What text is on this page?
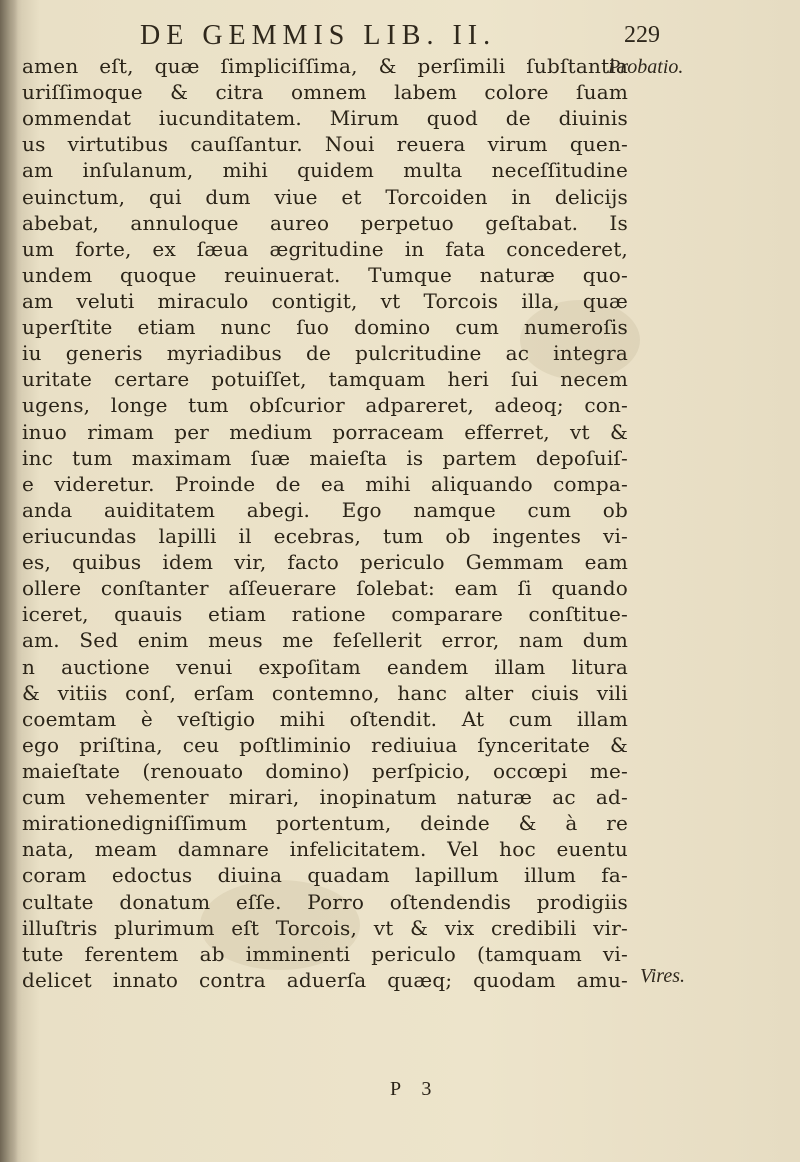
DE GEMMIS LIB. II.	229
amen eſt, quæ ſimpliciſſima, & perſimili ſubſtantia
uriſſimoque & citra omnem labem colore ſuam
ommendat iucunditatem. Mirum quod de diuinis
us virtutibus cauſſantur. Noui reuera virum quen-
am inſulanum, mihi quidem multa neceſſitudine
euinctum, qui dum viue et Torcoiden in delicijs
abebat, annuloque aureo perpetuo geſtabat. Is
um forte, ex ſæua ægritudine in fata concederet,
undem quoque reuinuerat. Tumque naturæ quo-
am veluti miraculo contigit, vt Torcois illa, quæ
uperſtite etiam nunc ſuo domino cum numeroſis
iu generis myriadibus de pulcritudine ac integra
uritate certare potuiſſet, tamquam heri ſui necem
ugens, longe tum obſcurior adpareret, adeoq; con-
inuo rimam per medium porraceam efferret, vt &
inc tum maximam ſuæ maieſta is partem depoſuiſ-
e videretur. Proinde de ea mihi aliquando compa-
anda auiditatem abegi. Ego namque cum ob
eriucundas lapilli il ecebras, tum ob ingentes vi-
es, quibus idem vir, facto periculo Gemmam eam
ollere conſtanter aſſeuerare ſolebat: eam ſi quando
iceret, quauis etiam ratione comparare conſtitue-
am. Sed enim meus me feſellerit error, nam dum
n auctione venui expoſitam eandem illam litura
& vitiis conſ, erſam contemno, hanc alter ciuis vili
coemtam è veſtigio mihi oſtendit. At cum illam
ego priſtina, ceu poſtliminio rediuiua ſynceritate &
maieſtate (renouato domino) perſpicio, occœpi me-
cum vehementer mirari, inopinatum naturæ ac ad-
mirationedigniſſimum portentum, deinde & à re
nata, meam damnare infelicitatem. Vel hoc euentu
coram edoctus diuina quadam lapillum illum fa-
cultate donatum eſſe. Porro oſtendendis prodigiis
illuſtris plurimum eſt Torcois, vt & vix credibili vir-
tute ferentem ab imminenti periculo (tamquam vi-
delicet innato contra aduerſa quæq; quodam amu-
Probatio.
Vires.
P 3
